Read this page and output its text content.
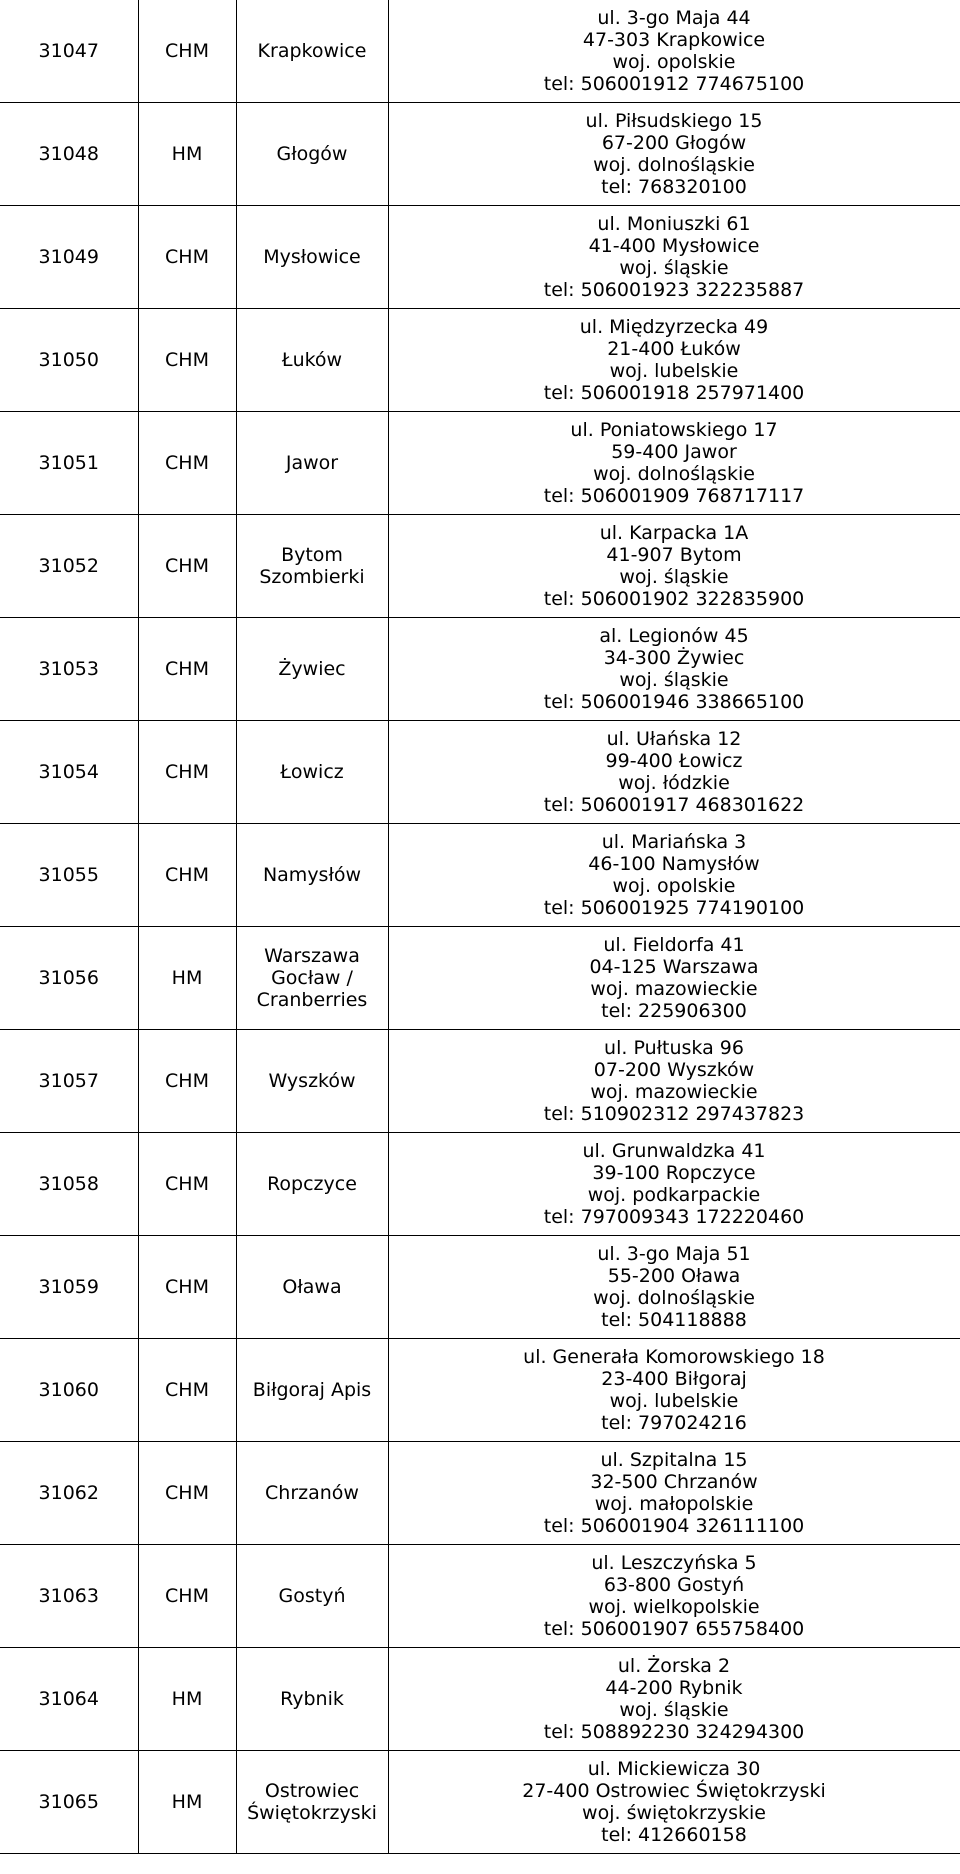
31047	CHM	Krapkowice	ul. 3-go Maja 44
47-303 Krapkowice
woj. opolskie
tel: 506001912 774675100

31048	HM	Głogów	ul. Piłsudskiego 15
67-200 Głogów
woj. dolnośląskie
tel: 768320100

31049	CHM	Mysłowice	ul. Moniuszki 61
41-400 Mysłowice
woj. śląskie
tel: 506001923 322235887

31050	CHM	Łuków	ul. Międzyrzecka 49
21-400 Łuków
woj. lubelskie
tel: 506001918 257971400

31051	CHM	Jawor	ul. Poniatowskiego 17
59-400 Jawor
woj. dolnośląskie
tel: 506001909 768717117

31052	CHM	Bytom Szombierki	ul. Karpacka 1A
41-907 Bytom
woj. śląskie
tel: 506001902 322835900

31053	CHM	Żywiec	al. Legionów 45
34-300 Żywiec
woj. śląskie
tel: 506001946 338665100

31054	CHM	Łowicz	ul. Ułańska 12
99-400 Łowicz
woj. łódzkie
tel: 506001917 468301622

31055	CHM	Namysłów	ul. Mariańska 3
46-100 Namysłów
woj. opolskie
tel: 506001925 774190100

31056	HM	Warszawa Gocław / Cranberries	ul. Fieldorfa 41
04-125 Warszawa
woj. mazowieckie
tel: 225906300

31057	CHM	Wyszków	ul. Pułtuska 96
07-200 Wyszków
woj. mazowieckie
tel: 510902312 297437823

31058	CHM	Ropczyce	ul. Grunwaldzka 41
39-100 Ropczyce
woj. podkarpackie
tel: 797009343 172220460

31059	CHM	Oława	ul. 3-go Maja 51
55-200 Oława
woj. dolnośląskie
tel: 504118888

31060	CHM	Biłgoraj Apis	ul. Generała Komorowskiego 18
23-400 Biłgoraj
woj. lubelskie
tel: 797024216

31062	CHM	Chrzanów	ul. Szpitalna 15
32-500 Chrzanów
woj. małopolskie
tel: 506001904 326111100

31063	CHM	Gostyń	ul. Leszczyńska 5
63-800 Gostyń
woj. wielkopolskie
tel: 506001907 655758400

31064	HM	Rybnik	ul. Żorska 2
44-200 Rybnik
woj. śląskie
tel: 508892230 324294300

31065	HM	Ostrowiec Świętokrzyski	ul. Mickiewicza 30
27-400 Ostrowiec Świętokrzyski
woj. świętokrzyskie
tel: 412660158
